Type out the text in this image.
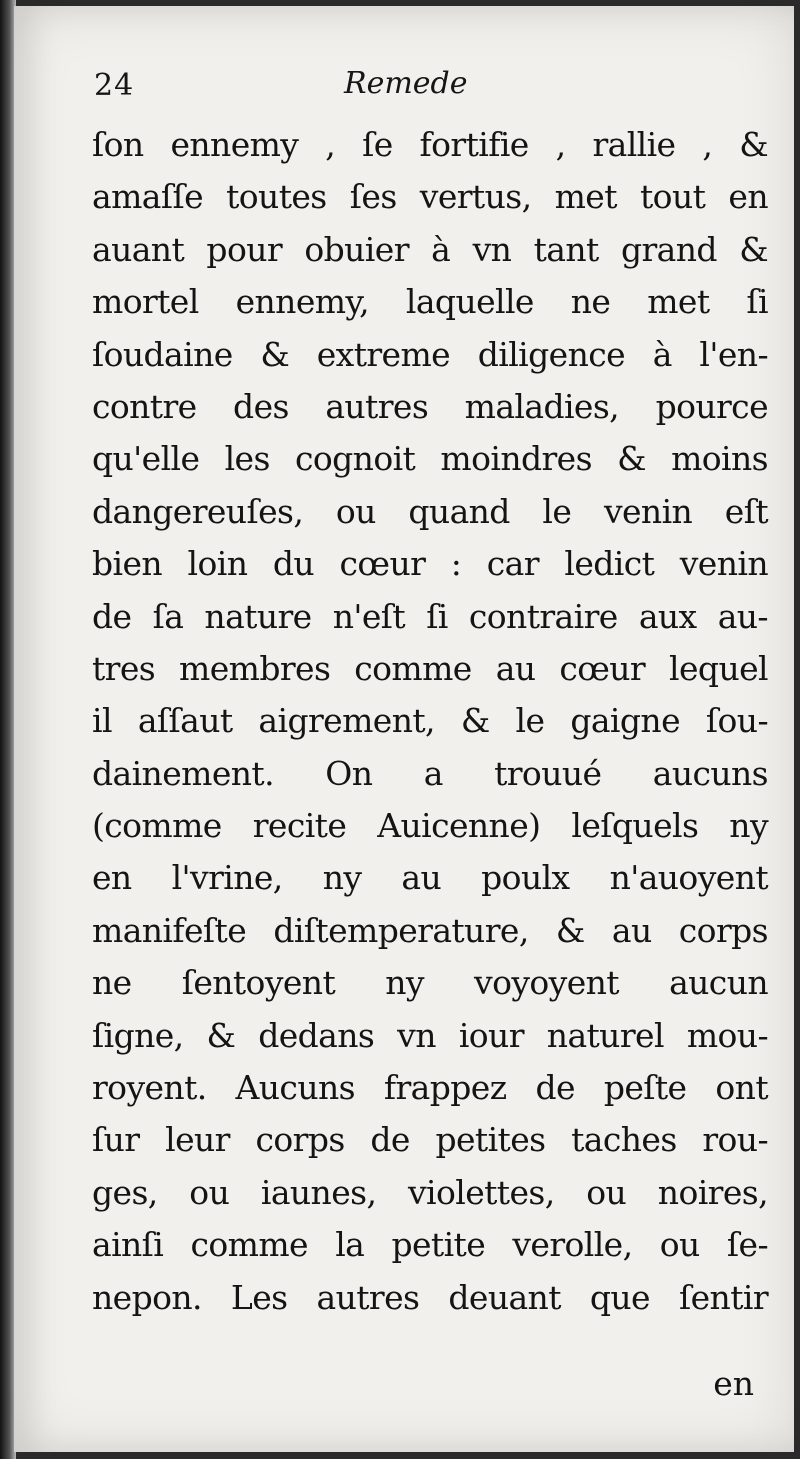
24	Remede
ſon ennemy , ſe fortifie , rallie , &
amaſſe toutes ſes vertus, met tout en
auant pour obuier à vn tant grand &
mortel ennemy, laquelle ne met ſi
ſoudaine & extreme diligence à l'en-
contre des autres maladies, pource
qu'elle les cognoit moindres & moins
dangereuſes, ou quand le venin eſt
bien loin du cœur : car ledict venin
de ſa nature n'eſt ſi contraire aux au-
tres membres comme au cœur lequel
il aſſaut aigrement, & le gaigne ſou-
dainement. On a trouué aucuns
(comme recite Auicenne) leſquels ny
en l'vrine, ny au poulx n'auoyent
manifeſte diſtemperature, & au corps
ne ſentoyent ny voyoyent aucun
ſigne, & dedans vn iour naturel mou-
royent. Aucuns frappez de peſte ont
ſur leur corps de petites taches rou-
ges, ou iaunes, violettes, ou noires,
ainſi comme la petite verolle, ou ſe-
nepon. Les autres deuant que ſentir
en
